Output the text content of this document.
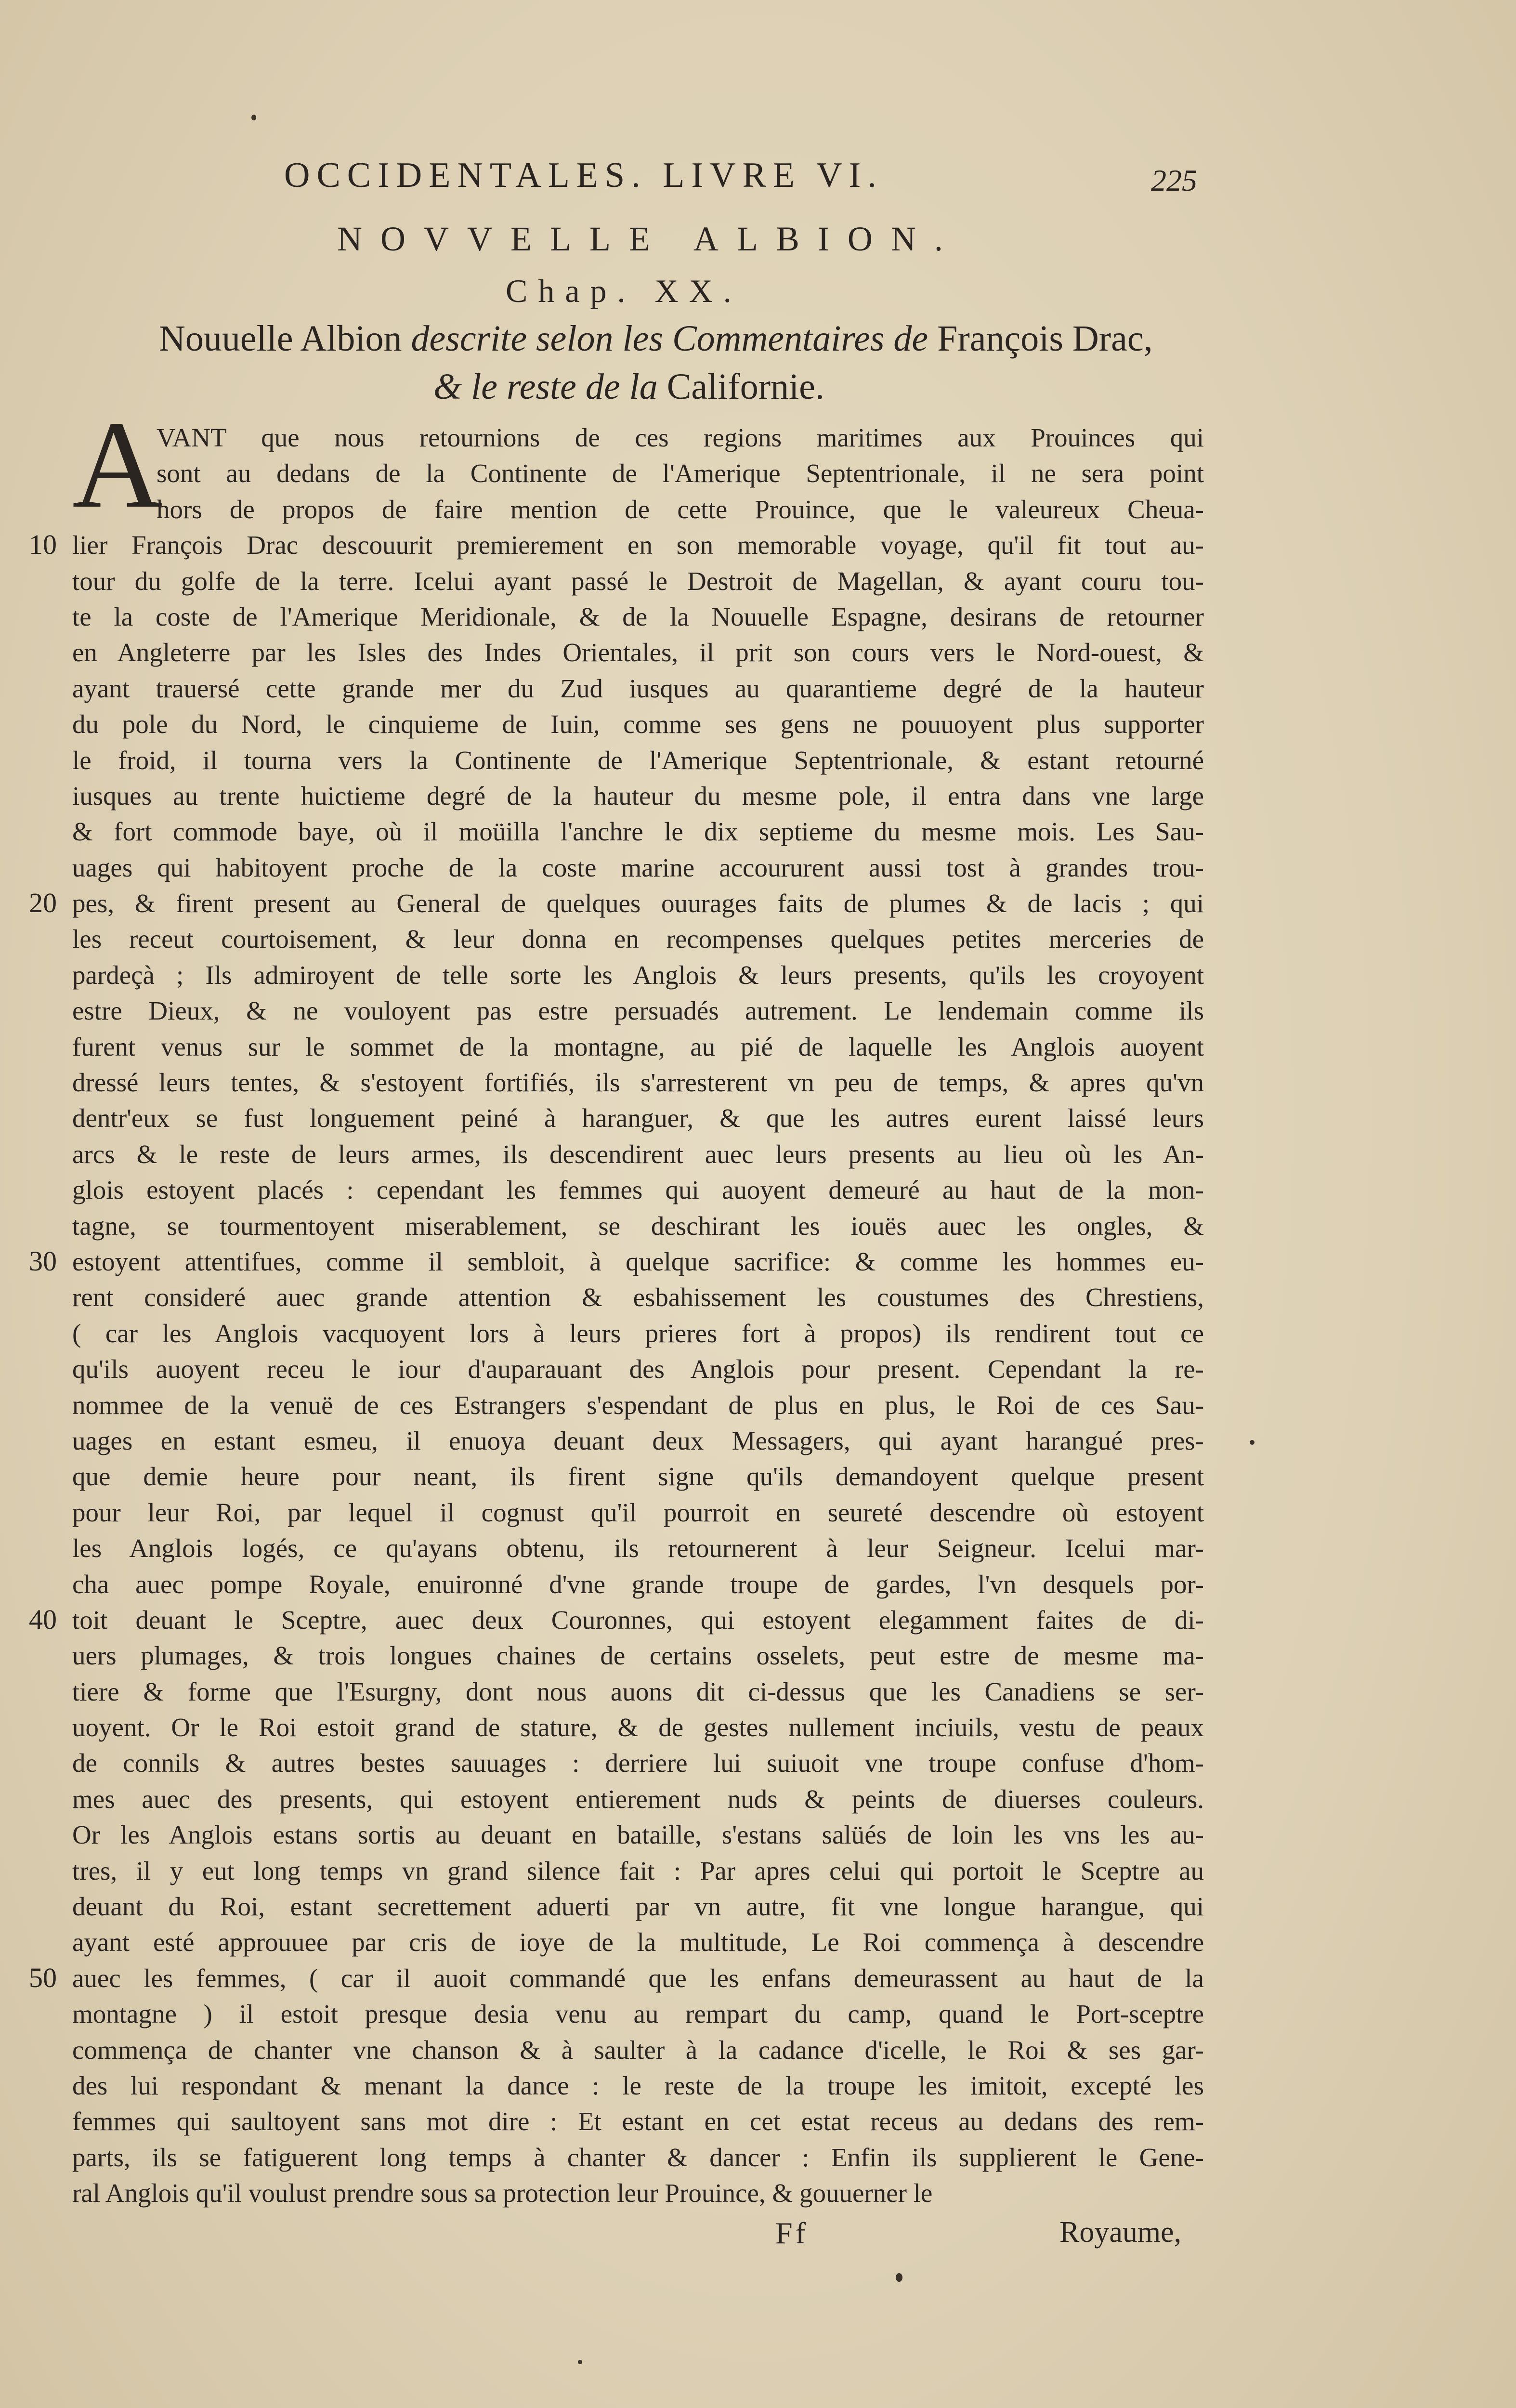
OCCIDENTALES. LIVRE VI.	225
NOVVELLE ALBION.
Chap. XX.
Nouuelle Albion descrite selon les Commentaires de François Drac,
& le reste de la Californie.
A
VANT que nous retournions de ces regions maritimes aux Prouinces qui
sont au dedans de la Continente de l'Amerique Septentrionale, il ne sera point
hors de propos de faire mention de cette Prouince, que le valeureux Cheua-
lier François Drac descouurit premierement en son memorable voyage, qu'il fit tout au-
tour du golfe de la terre. Icelui ayant passé le Destroit de Magellan, & ayant couru tou-
te la coste de l'Amerique Meridionale, & de la Nouuelle Espagne, desirans de retourner
en Angleterre par les Isles des Indes Orientales, il prit son cours vers le Nord-ouest, &
ayant trauersé cette grande mer du Zud iusques au quarantieme degré de la hauteur
du pole du Nord, le cinquieme de Iuin, comme ses gens ne pouuoyent plus supporter
le froid, il tourna vers la Continente de l'Amerique Septentrionale, & estant retourné
iusques au trente huictieme degré de la hauteur du mesme pole, il entra dans vne large
& fort commode baye, où il moüilla l'anchre le dix septieme du mesme mois. Les Sau-
uages qui habitoyent proche de la coste marine accoururent aussi tost à grandes trou-
pes, & firent present au General de quelques ouurages faits de plumes & de lacis ; qui
les receut courtoisement, & leur donna en recompenses quelques petites merceries de
pardeçà ; Ils admiroyent de telle sorte les Anglois & leurs presents, qu'ils les croyoyent
estre Dieux, & ne vouloyent pas estre persuadés autrement. Le lendemain comme ils
furent venus sur le sommet de la montagne, au pié de laquelle les Anglois auoyent
dressé leurs tentes, & s'estoyent fortifiés, ils s'arresterent vn peu de temps, & apres qu'vn
dentr'eux se fust longuement peiné à haranguer, & que les autres eurent laissé leurs
arcs & le reste de leurs armes, ils descendirent auec leurs presents au lieu où les An-
glois estoyent placés : cependant les femmes qui auoyent demeuré au haut de la mon-
tagne, se tourmentoyent miserablement, se deschirant les iouës auec les ongles, &
estoyent attentifues, comme il sembloit, à quelque sacrifice: & comme les hommes eu-
rent consideré auec grande attention & esbahissement les coustumes des Chrestiens,
( car les Anglois vacquoyent lors à leurs prieres fort à propos) ils rendirent tout ce
qu'ils auoyent receu le iour d'auparauant des Anglois pour present. Cependant la re-
nommee de la venuë de ces Estrangers s'espendant de plus en plus, le Roi de ces Sau-
uages en estant esmeu, il enuoya deuant deux Messagers, qui ayant harangué pres-
que demie heure pour neant, ils firent signe qu'ils demandoyent quelque present
pour leur Roi, par lequel il cognust qu'il pourroit en seureté descendre où estoyent
les Anglois logés, ce qu'ayans obtenu, ils retournerent à leur Seigneur. Icelui mar-
cha auec pompe Royale, enuironné d'vne grande troupe de gardes, l'vn desquels por-
toit deuant le Sceptre, auec deux Couronnes, qui estoyent elegamment faites de di-
uers plumages, & trois longues chaines de certains osselets, peut estre de mesme ma-
tiere & forme que l'Esurgny, dont nous auons dit ci-dessus que les Canadiens se ser-
uoyent. Or le Roi estoit grand de stature, & de gestes nullement inciuils, vestu de peaux
de connils & autres bestes sauuages : derriere lui suiuoit vne troupe confuse d'hom-
mes auec des presents, qui estoyent entierement nuds & peints de diuerses couleurs.
Or les Anglois estans sortis au deuant en bataille, s'estans salüés de loin les vns les au-
tres, il y eut long temps vn grand silence fait : Par apres celui qui portoit le Sceptre au
deuant du Roi, estant secrettement aduerti par vn autre, fit vne longue harangue, qui
ayant esté approuuee par cris de ioye de la multitude, Le Roi commença à descendre
auec les femmes, ( car il auoit commandé que les enfans demeurassent au haut de la
montagne ) il estoit presque desia venu au rempart du camp, quand le Port-sceptre
commença de chanter vne chanson & à saulter à la cadance d'icelle, le Roi & ses gar-
des lui respondant & menant la dance : le reste de la troupe les imitoit, excepté les
femmes qui saultoyent sans mot dire : Et estant en cet estat receus au dedans des rem-
parts, ils se fatiguerent long temps à chanter & dancer : Enfin ils supplierent le Gene-
ral Anglois qu'il voulust prendre sous sa protection leur Prouince, & gouuerner le
10
20
30
40
50
Ff	Royaume,
